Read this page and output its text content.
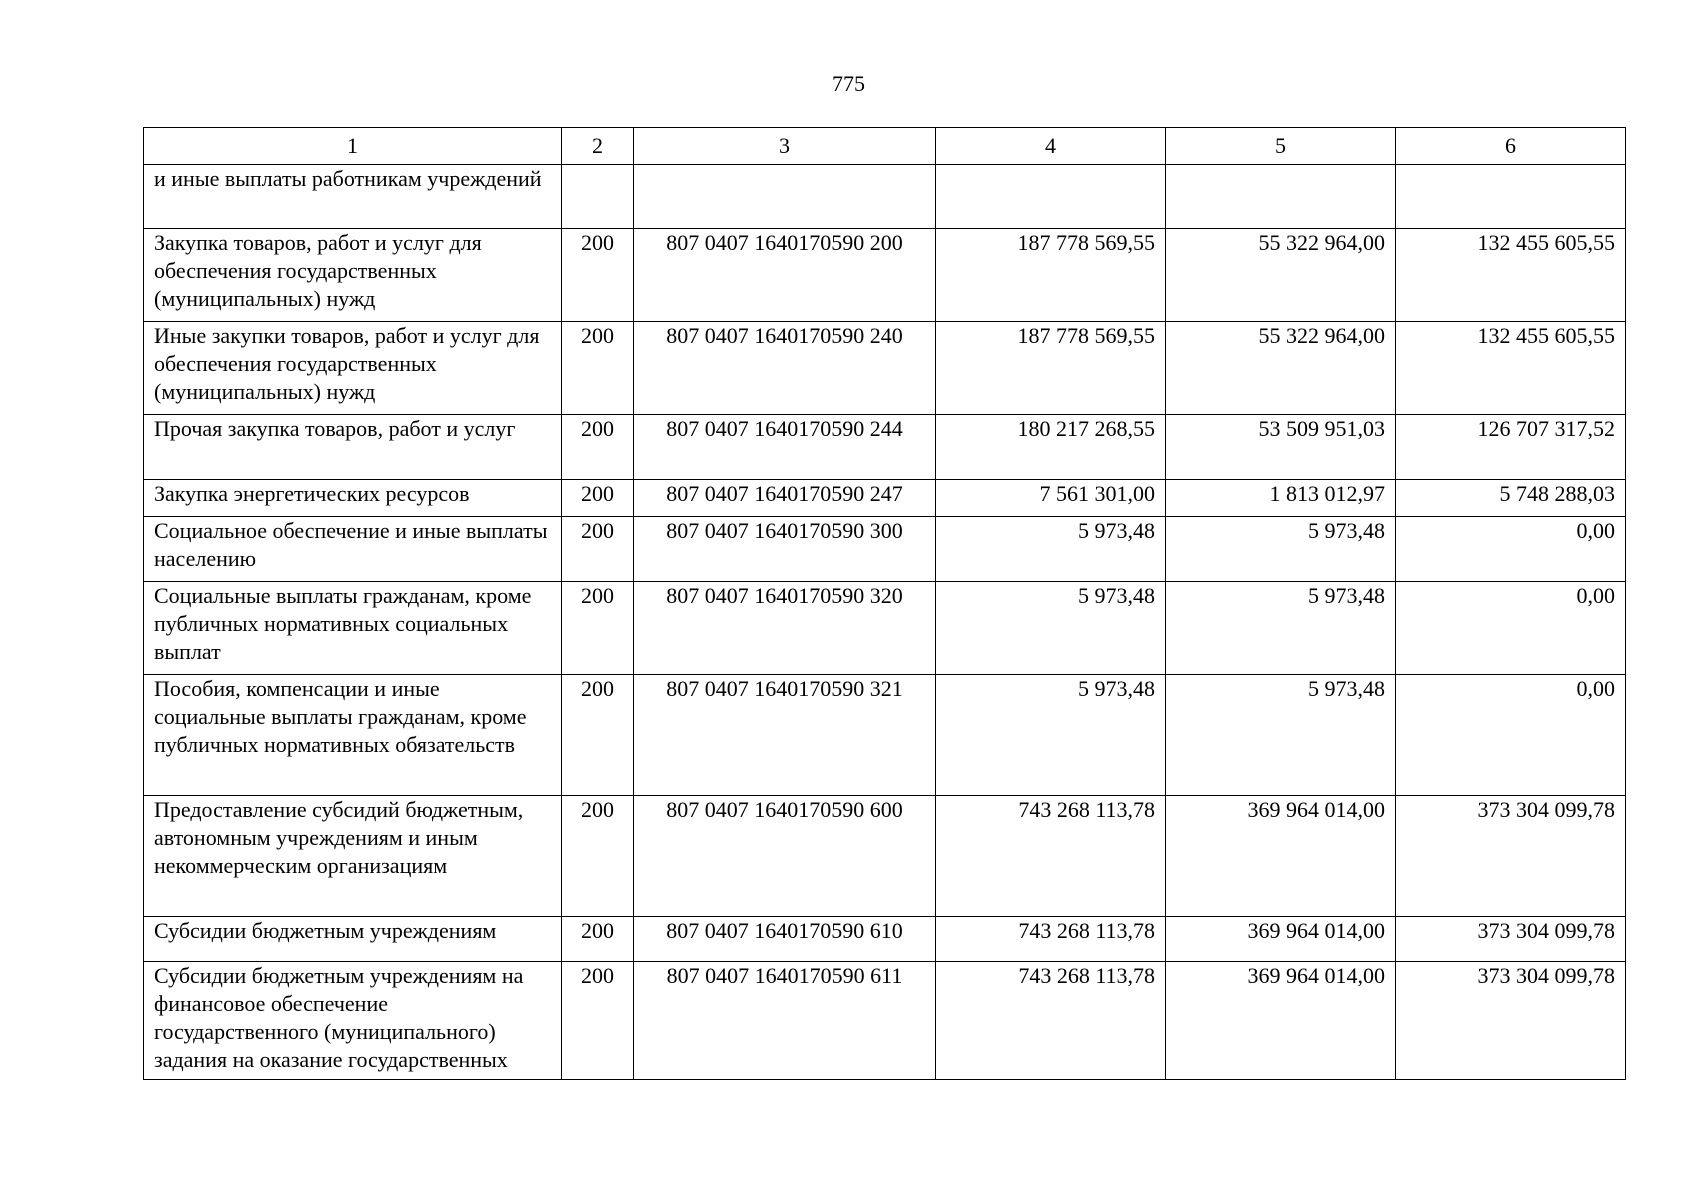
775
1	2	3	4	5	6
и иные выплаты работникам учреждений					
Закупка товаров, работ и услуг для обеспечения государственных (муниципальных) нужд	200	807 0407 1640170590 200	187 778 569,55	55 322 964,00	132 455 605,55
Иные закупки товаров, работ и услуг для обеспечения государственных (муниципальных) нужд	200	807 0407 1640170590 240	187 778 569,55	55 322 964,00	132 455 605,55
Прочая закупка товаров, работ и услуг	200	807 0407 1640170590 244	180 217 268,55	53 509 951,03	126 707 317,52
Закупка энергетических ресурсов	200	807 0407 1640170590 247	7 561 301,00	1 813 012,97	5 748 288,03
Социальное обеспечение и иные выплаты населению	200	807 0407 1640170590 300	5 973,48	5 973,48	0,00
Социальные выплаты гражданам, кроме публичных нормативных социальных выплат	200	807 0407 1640170590 320	5 973,48	5 973,48	0,00
Пособия, компенсации и иные социальные выплаты гражданам, кроме публичных нормативных обязательств	200	807 0407 1640170590 321	5 973,48	5 973,48	0,00
Предоставление субсидий бюджетным, автономным учреждениям и иным некоммерческим организациям	200	807 0407 1640170590 600	743 268 113,78	369 964 014,00	373 304 099,78
Субсидии бюджетным учреждениям	200	807 0407 1640170590 610	743 268 113,78	369 964 014,00	373 304 099,78
Субсидии бюджетным учреждениям на финансовое обеспечение государственного (муниципального) задания на оказание государственных	200	807 0407 1640170590 611	743 268 113,78	369 964 014,00	373 304 099,78
